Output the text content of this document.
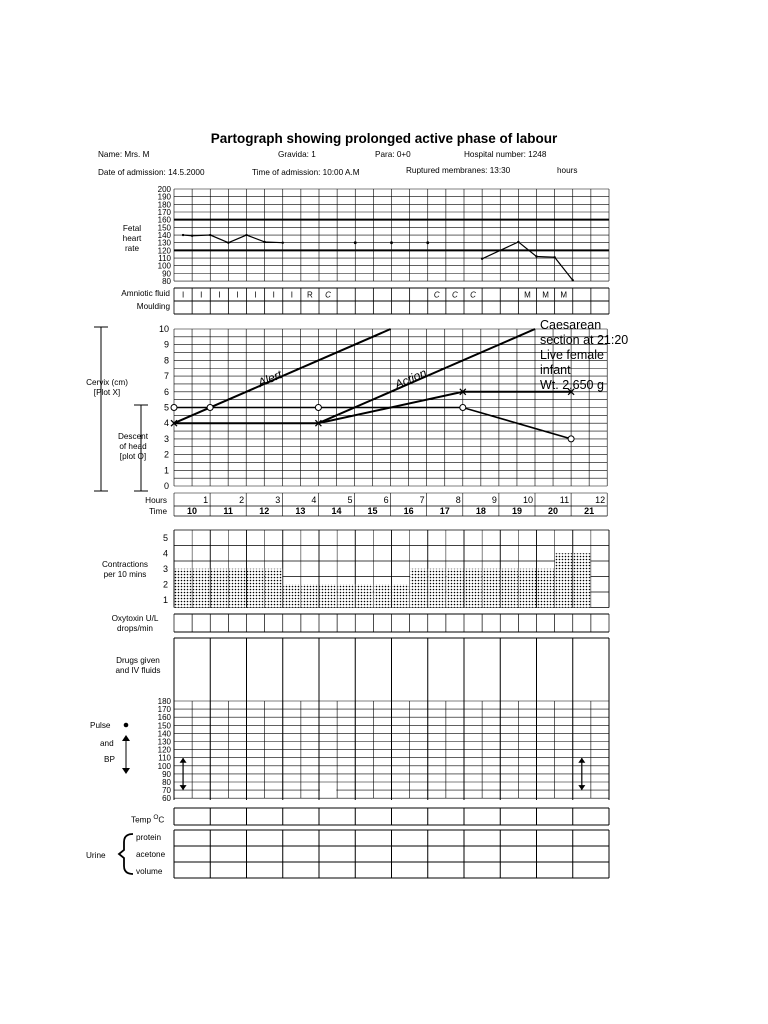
Partograph showing prolonged active phase of labour
Name: Mrs. M	Gravida: 1	Para: 0+0	Hospital number: 1248
Date of admission: 14.5.2000	Time of admission: 10:00 A.M	Ruptured membranes: 13:30	hours
Fetal
heart
rate
Amniotic fluid
Moulding
Cervix (cm)
[Plot X]
Descent
of head
[plot O]
Hours
Time
Contractions
per 10 mins
Oxytoxin U/L
drops/min
Drugs given
and IV fluids
Pulse
and
BP
Temp $^O$C
Urine
protein
acetone
volume
Caesarean
section at 21:20
Live female
infant
Wt. 2,650 g
200
190
180
170
160
150
140
130
120
110
100
90
80
I I I I I I I R C	C C C	M M M
0
1
2
3
4
5
6
7
8
9
10
1	2	3	4	5	6	7	8	9	10	11	12
10	11	12	13	14	15	16	17	18	19	20	21
Alert	Action
1
2
3
4
5
180
170
160
150
140
130
120
110
100
90
80
70
60
